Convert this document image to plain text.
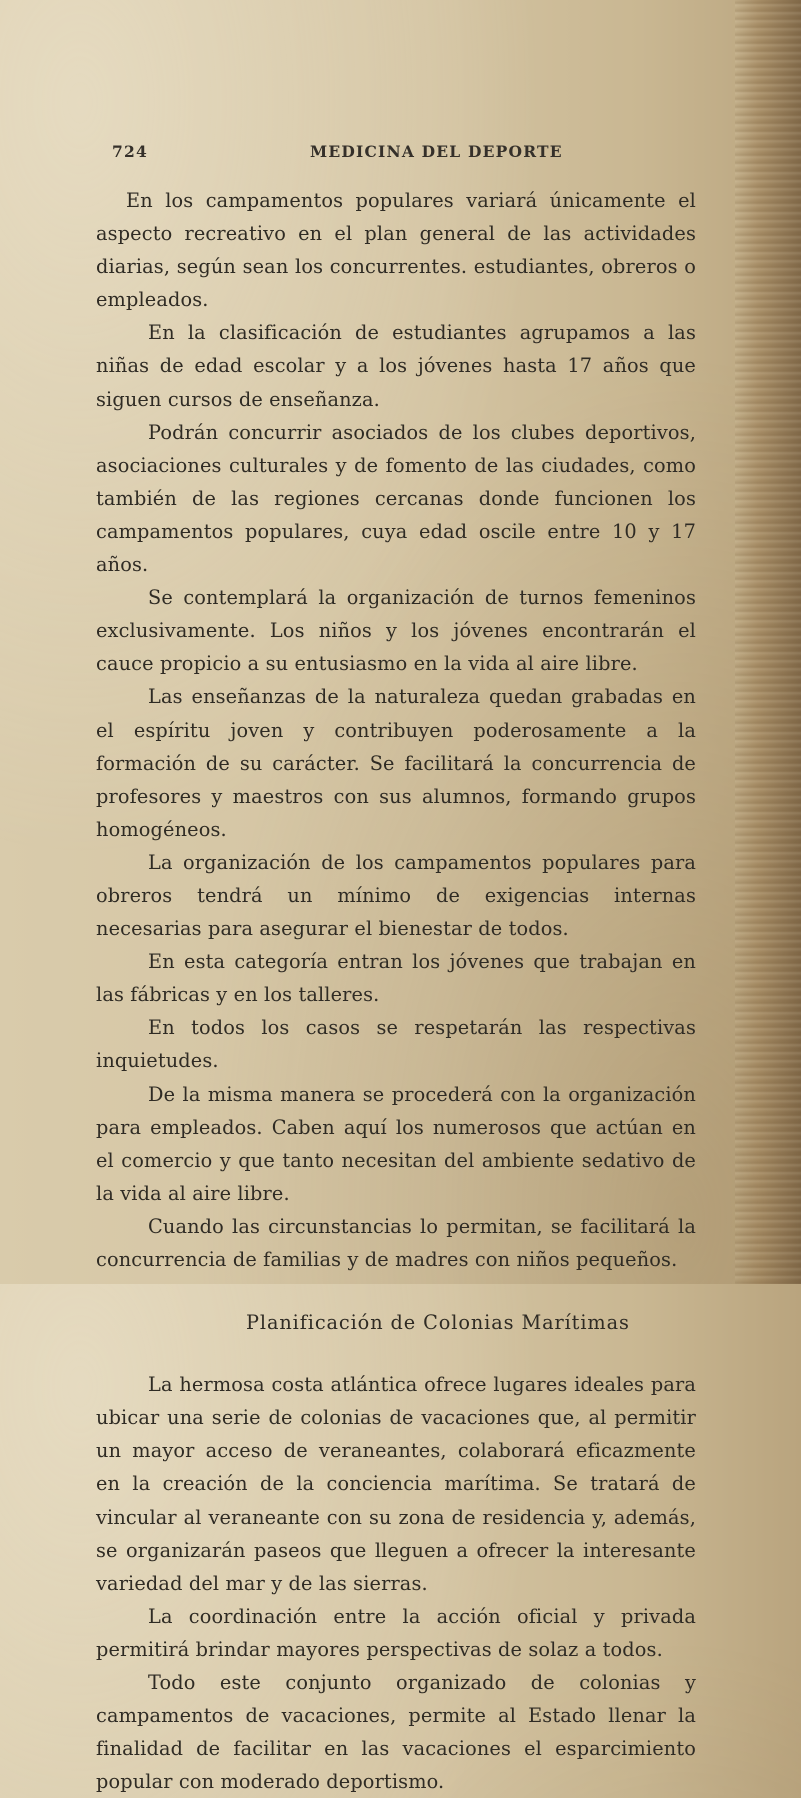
724	MEDICINA DEL DEPORTE

En los campamentos populares variará únicamente el aspecto recreativo en el plan general de las actividades diarias, según sean los concurrentes. estudiantes, obreros o empleados.

En la clasificación de estudiantes agrupamos a las niñas de edad escolar y a los jóvenes hasta 17 años que siguen cursos de enseñanza.

Podrán concurrir asociados de los clubes deportivos, asociaciones culturales y de fomento de las ciudades, como también de las regiones cercanas donde funcionen los campamentos populares, cuya edad oscile entre 10 y 17 años.

Se contemplará la organización de turnos femeninos exclusivamente. Los niños y los jóvenes encontrarán el cauce propicio a su entusiasmo en la vida al aire libre.

Las enseñanzas de la naturaleza quedan grabadas en el espíritu joven y contribuyen poderosamente a la formación de su carácter. Se facilitará la concurrencia de profesores y maestros con sus alumnos, formando grupos homogéneos.

La organización de los campamentos populares para obreros tendrá un mínimo de exigencias internas necesarias para asegurar el bienestar de todos.

En esta categoría entran los jóvenes que trabajan en las fábricas y en los talleres.

En todos los casos se respetarán las respectivas inquietudes.

De la misma manera se procederá con la organización para empleados. Caben aquí los numerosos que actúan en el comercio y que tanto necesitan del ambiente sedativo de la vida al aire libre.

Cuando las circunstancias lo permitan, se facilitará la concurrencia de familias y de madres con niños pequeños.

Planificación de Colonias Marítimas

La hermosa costa atlántica ofrece lugares ideales para ubicar una serie de colonias de vacaciones que, al permitir un mayor acceso de veraneantes, colaborará eficazmente en la creación de la conciencia marítima. Se tratará de vincular al veraneante con su zona de residencia y, además, se organizarán paseos que lleguen a ofrecer la interesante variedad del mar y de las sierras.

La coordinación entre la acción oficial y privada permitirá brindar mayores perspectivas de solaz a todos.

Todo este conjunto organizado de colonias y campamentos de vacaciones, permite al Estado llenar la finalidad de facilitar en las vacaciones el esparcimiento popular con moderado deportismo.
